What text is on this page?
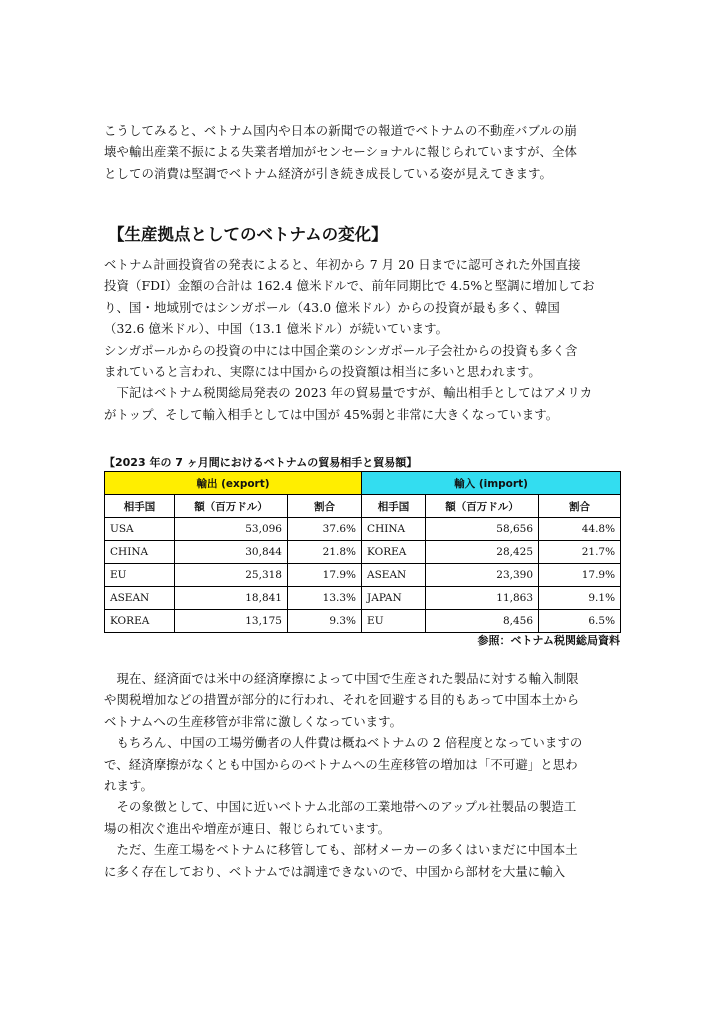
こうしてみると、ベトナム国内や日本の新聞での報道でベトナムの不動産バブルの崩
壊や輸出産業不振による失業者増加がセンセーショナルに報じられていますが、全体
としての消費は堅調でベトナム経済が引き続き成長している姿が見えてきます。

【生産拠点としてのベトナムの変化】

ベトナム計画投資省の発表によると、年初から 7 月 20 日までに認可された外国直接
投資（FDI）金額の合計は 162.4 億米ドルで、前年同期比で 4.5%と堅調に増加してお
り、国・地域別ではシンガポール（43.0 億米ドル）からの投資が最も多く、韓国
（32.6 億米ドル）、中国（13.1 億米ドル）が続いています。
シンガポールからの投資の中には中国企業のシンガポール子会社からの投資も多く含
まれていると言われ、実際には中国からの投資額は相当に多いと思われます。
　下記はベトナム税関総局発表の 2023 年の貿易量ですが、輸出相手としてはアメリカ
がトップ、そして輸入相手としては中国が 45%弱と非常に大きくなっています。

【2023 年の 7 ヶ月間におけるベトナムの貿易相手と貿易額】
輸出 (export)			輸入 (import)		
相手国	額（百万ドル）	割合	相手国	額（百万ドル）	割合
USA	53,096	37.6%	CHINA	58,656	44.8%
CHINA	30,844	21.8%	KOREA	28,425	21.7%
EU	25,318	17.9%	ASEAN	23,390	17.9%
ASEAN	18,841	13.3%	JAPAN	11,863	9.1%
KOREA	13,175	9.3%	EU	8,456	6.5%
参照：ベトナム税関総局資料

　現在、経済面では米中の経済摩擦によって中国で生産された製品に対する輸入制限
や関税増加などの措置が部分的に行われ、それを回避する目的もあって中国本土から
ベトナムへの生産移管が非常に激しくなっています。
　もちろん、中国の工場労働者の人件費は概ねベトナムの 2 倍程度となっていますの
で、経済摩擦がなくとも中国からのベトナムへの生産移管の増加は「不可避」と思わ
れます。
　その象徴として、中国に近いベトナム北部の工業地帯へのアップル社製品の製造工
場の相次ぐ進出や増産が連日、報じられています。
　ただ、生産工場をベトナムに移管しても、部材メーカーの多くはいまだに中国本土
に多く存在しており、ベトナムでは調達できないので、中国から部材を大量に輸入
